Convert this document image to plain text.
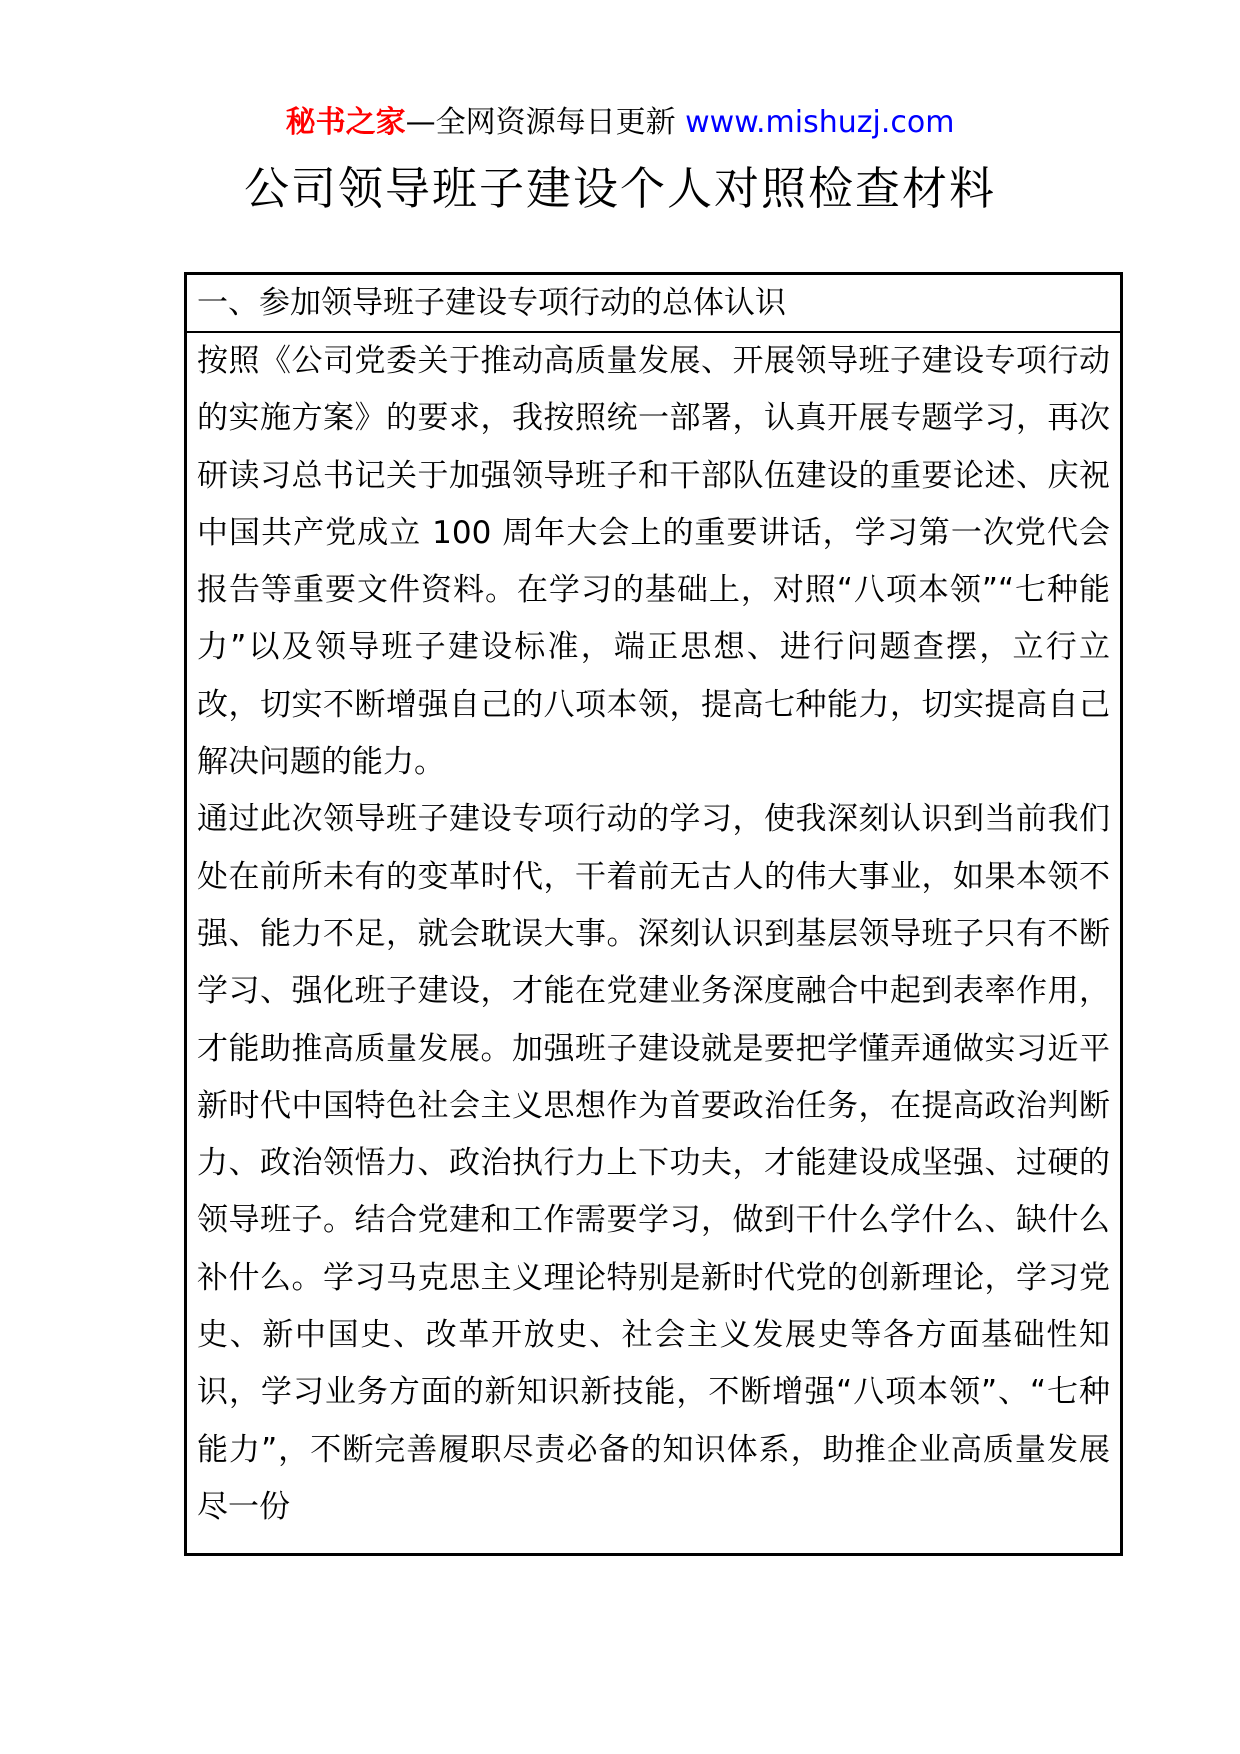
秘书之家—全网资源每日更新 www.mishuzj.com
公司领导班子建设个人对照检查材料
一、参加领导班子建设专项行动的总体认识

按照《公司党委关于推动高质量发展、开展领导班子建设专项行动的实施方案》的要求，我按照统一部署，认真开展专题学习，再次研读习总书记关于加强领导班子和干部队伍建设的重要论述、庆祝中国共产党成立 100 周年大会上的重要讲话，学习第一次党代会报告等重要文件资料。在学习的基础上，对照“八项本领”“七种能力”以及领导班子建设标准，端正思想、进行问题查摆，立行立改，切实不断增强自己的八项本领，提高七种能力，切实提高自己解决问题的能力。

通过此次领导班子建设专项行动的学习，使我深刻认识到当前我们处在前所未有的变革时代，干着前无古人的伟大事业，如果本领不强、能力不足，就会耽误大事。深刻认识到基层领导班子只有不断学习、强化班子建设，才能在党建业务深度融合中起到表率作用，才能助推高质量发展。加强班子建设就是要把学懂弄通做实习近平新时代中国特色社会主义思想作为首要政治任务，在提高政治判断力、政治领悟力、政治执行力上下功夫，才能建设成坚强、过硬的领导班子。结合党建和工作需要学习，做到干什么学什么、缺什么补什么。学习马克思主义理论特别是新时代党的创新理论，学习党史、新中国史、改革开放史、社会主义发展史等各方面基础性知识，学习业务方面的新知识新技能，不断增强“八项本领”、“七种能力”，不断完善履职尽责必备的知识体系，助推企业高质量发展尽一份
